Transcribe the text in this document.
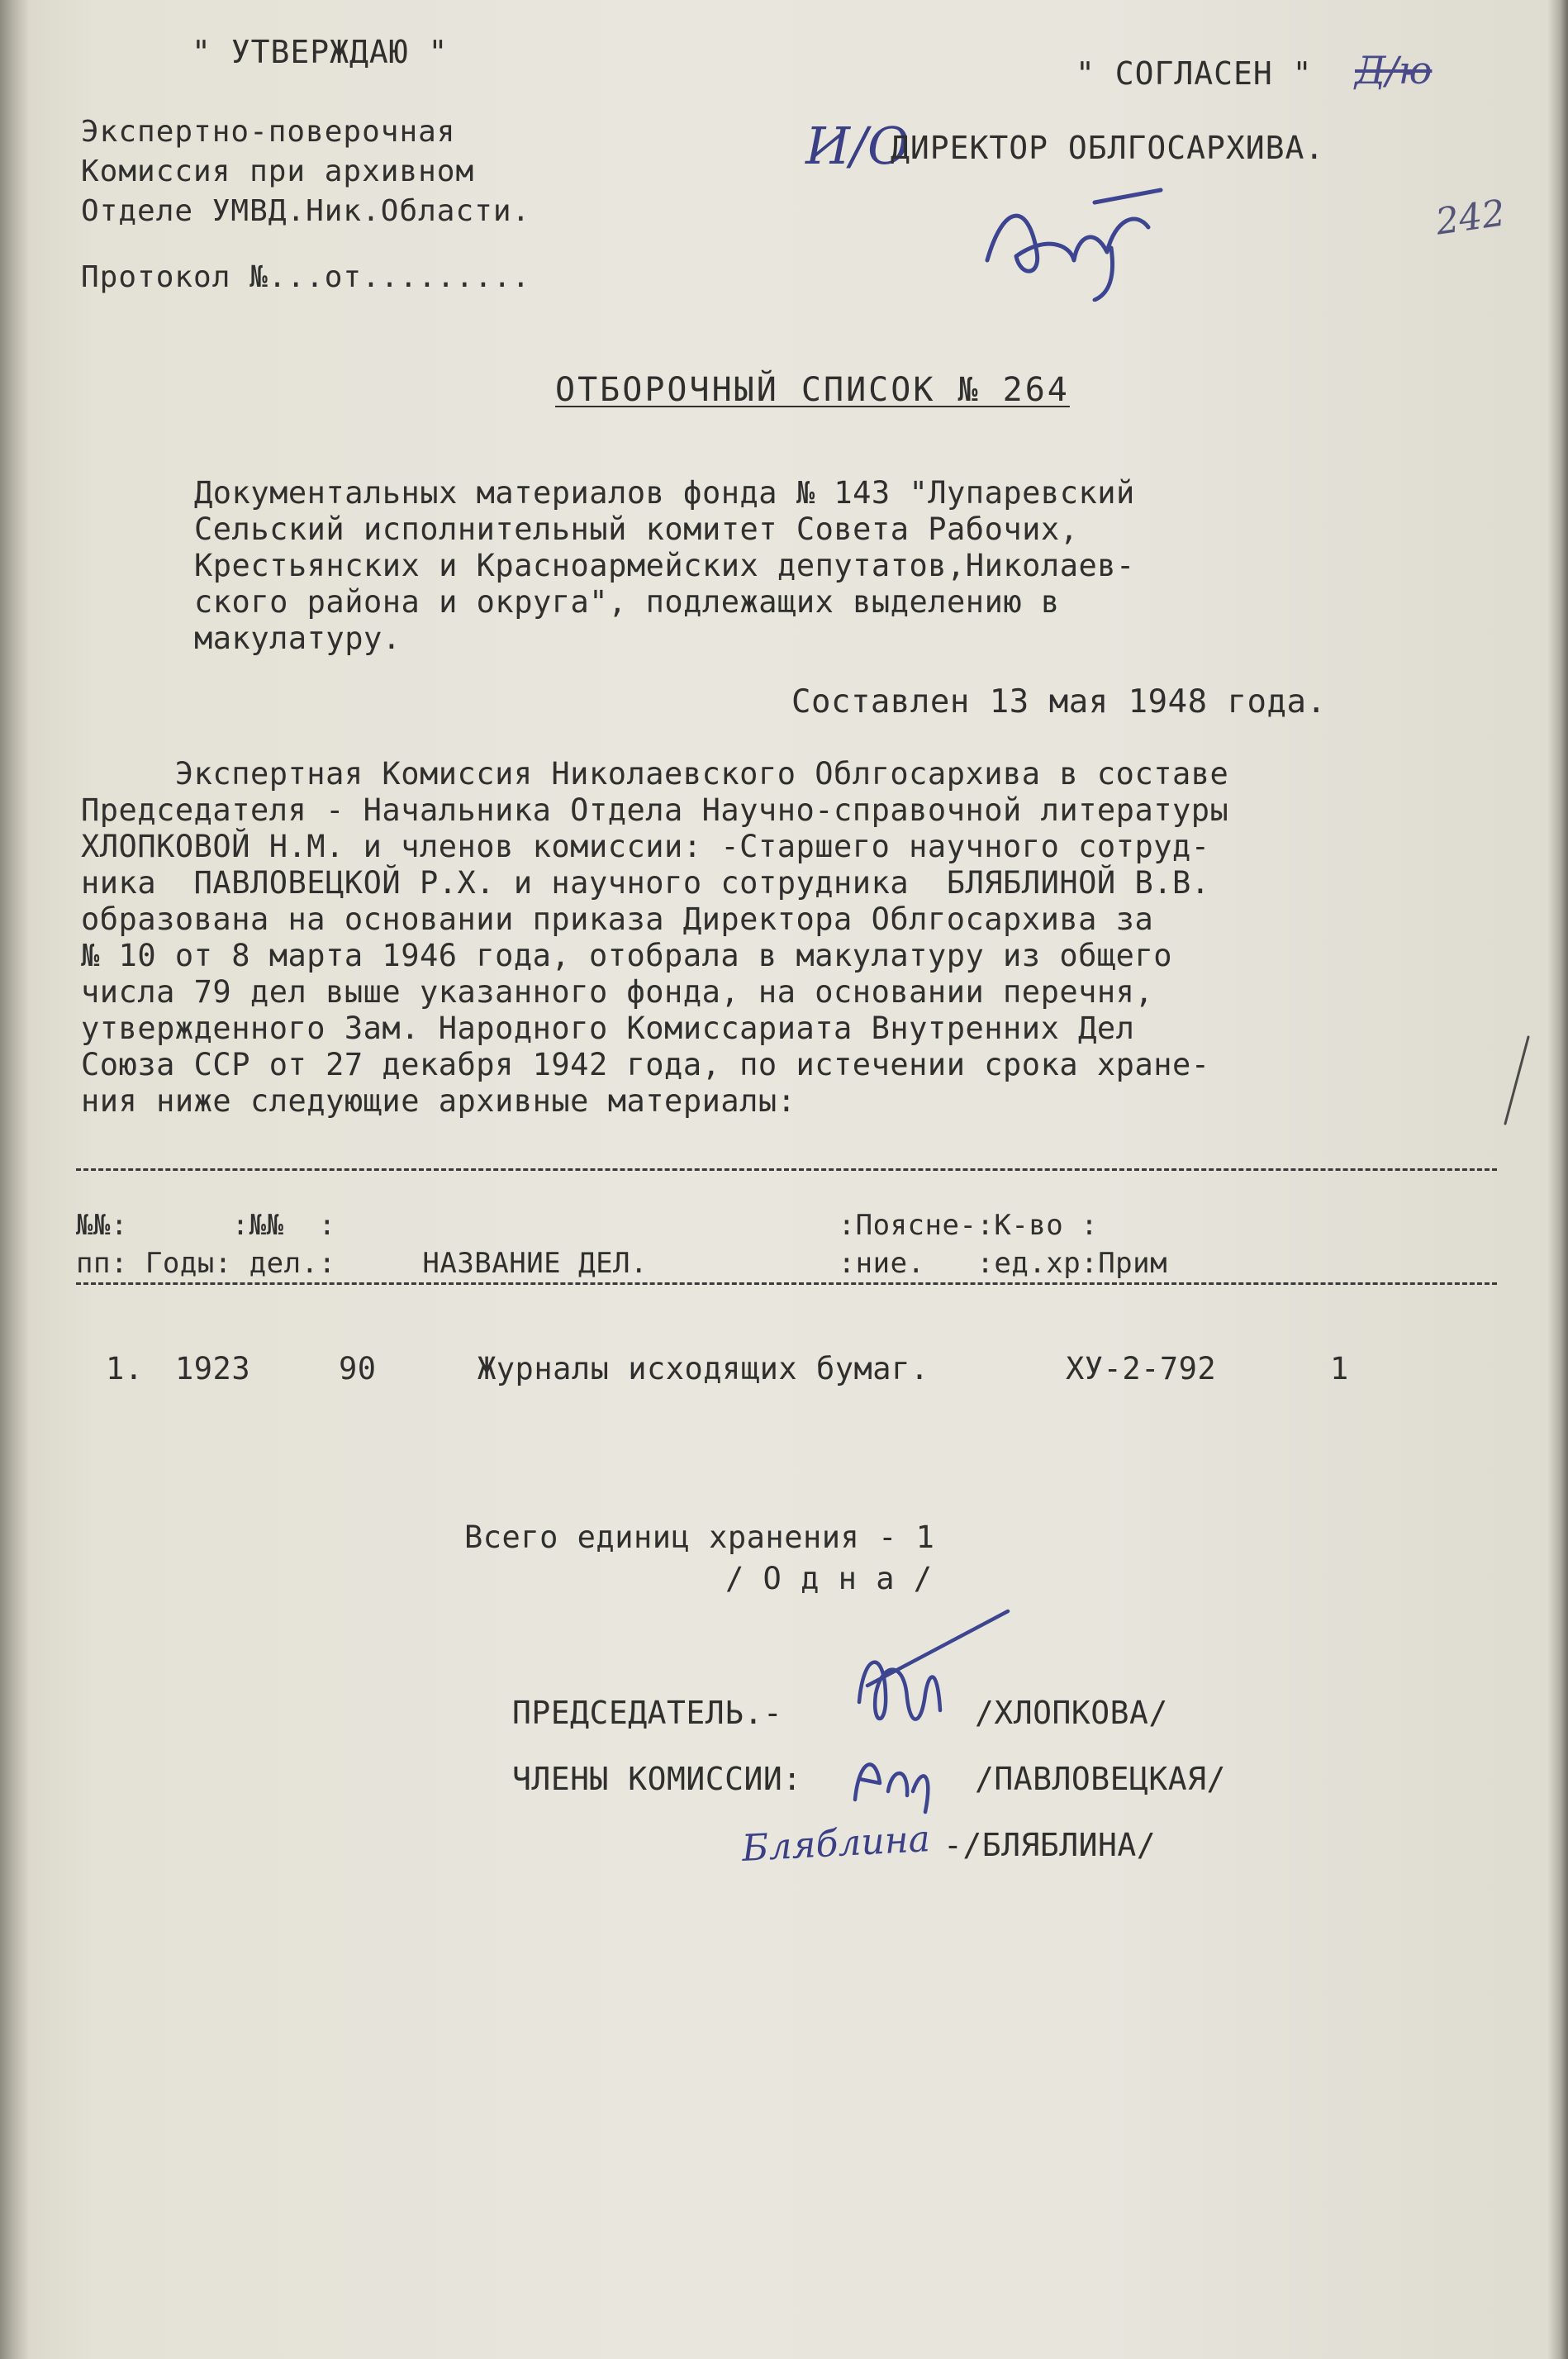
" УТВЕРЖДАЮ "
Экспертно-поверочная
Комиссия при архивном
Отделе УМВД.Ник.Области.
Протокол №...от.........
" СОГЛАСЕН " Д/ю
И/О
ДИРЕКТОР ОБЛГОСАРХИВА.
242
ОТБОРОЧНЫЙ СПИСОК № 264
Документальных материалов фонда № 143 "Лупаревский
Сельский исполнительный комитет Совета Рабочих,
Крестьянских и Красноармейских депутатов,Николаев-
ского района и округа", подлежащих выделению в
макулатуру.
Составлен 13 мая 1948 года.
Экспертная Комиссия Николаевского Облгосархива в составе
Председателя - Начальника Отдела Научно-справочной литературы
ХЛОПКОВОЙ Н.М. и членов комиссии: -Старшего научного сотруд-
ника  ПАВЛОВЕЦКОЙ Р.Х. и научного сотрудника  БЛЯБЛИНОЙ В.В.
образована на основании приказа Директора Облгосархива за
№ 10 от 8 марта 1946 года, отобрала в макулатуру из общего
числа 79 дел выше указанного фонда, на основании перечня,
утвержденного Зам. Народного Комиссариата Внутренних Дел
Союза ССР от 27 декабря 1942 года, по истечении срока хране-
ния ниже следующие архивные материалы:
№№:      :№№  :                             :Поясне-:К-во :
пп: Годы: дел.:     НАЗВАНИЕ ДЕЛ.           :ние.   :ед.хр:Прим
1. 1923	90	Журналы исходящих бумаг.	ХУ-2-792	1
Всего единиц хранения - 1
/ О д н а /
ПРЕДСЕДАТЕЛЬ.-	/ХЛОПКОВА/
ЧЛЕНЫ КОМИССИИ:	/ПАВЛОВЕЦКАЯ/
Бляблина -/БЛЯБЛИНА/
